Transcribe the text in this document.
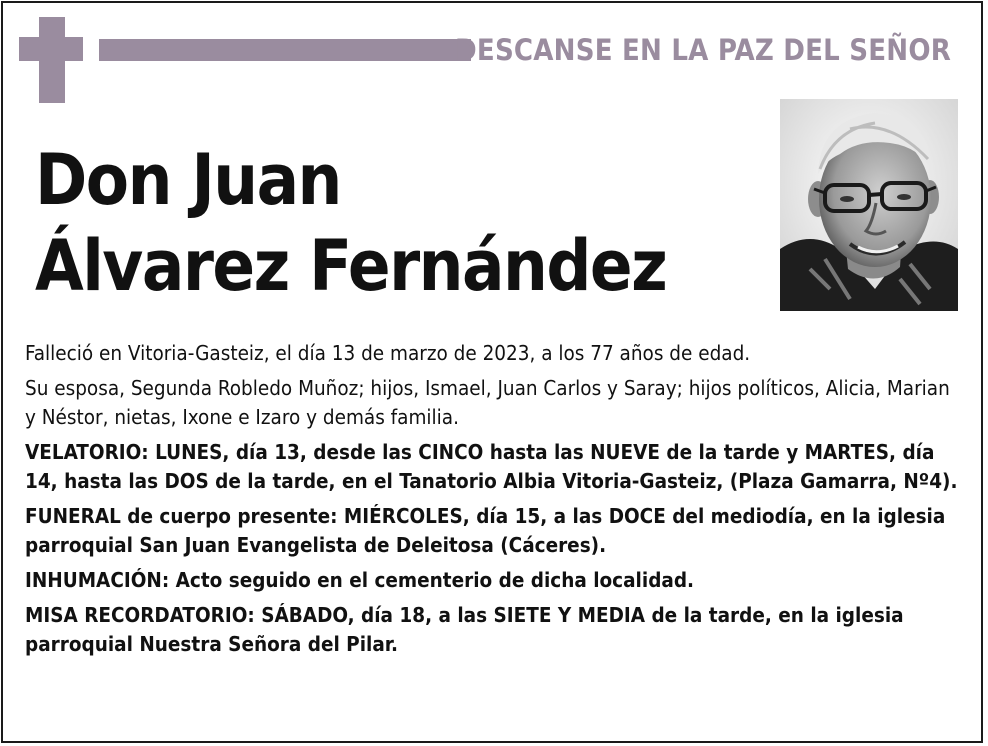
DESCANSE EN LA PAZ DEL SEÑOR
Don Juan
Álvarez Fernández

Falleció en Vitoria-Gasteiz, el día 13 de marzo de 2023, a los 77 años de edad.

Su esposa, Segunda Robledo Muñoz; hijos, Ismael, Juan Carlos y Saray; hijos políticos, Alicia, Marian y Néstor, nietas, Ixone e Izaro y demás familia.

VELATORIO: LUNES, día 13, desde las CINCO hasta las NUEVE de la tarde y MARTES, día 14, hasta las DOS de la tarde, en el Tanatorio Albia Vitoria-Gasteiz, (Plaza Gamarra, Nº4).

FUNERAL de cuerpo presente: MIÉRCOLES, día 15, a las DOCE del mediodía, en la iglesia parroquial San Juan Evangelista de Deleitosa (Cáceres).

INHUMACIÓN: Acto seguido en el cementerio de dicha localidad.

MISA RECORDATORIO: SÁBADO, día 18, a las SIETE Y MEDIA de la tarde, en la iglesia parroquial Nuestra Señora del Pilar.
